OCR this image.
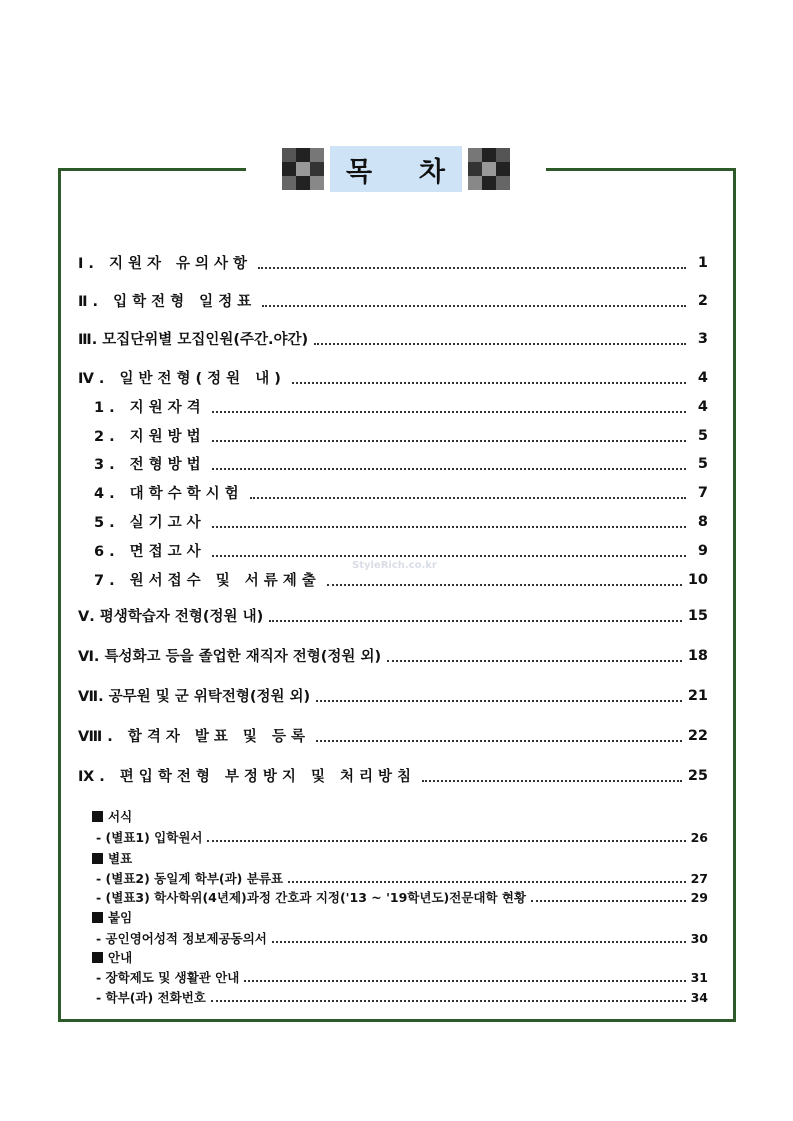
목 차
Ⅰ. 지원자 유의사항	1
Ⅱ. 입학전형 일정표	2
Ⅲ. 모집단위별 모집인원(주간.야간)	3
Ⅳ. 일반전형(정원 내)	4
1. 지원자격	4
2. 지원방법	5
3. 전형방법	5
4. 대학수학시험	7
5. 실기고사	8
6. 면접고사	9
7. 원서접수 및 서류제출	10
Ⅴ. 평생학습자 전형(정원 내)	15
Ⅵ. 특성화고 등을 졸업한 재직자 전형(정원 외)	18
Ⅶ. 공무원 및 군 위탁전형(정원 외)	21
Ⅷ. 합격자 발표 및 등록	22
Ⅸ. 편입학전형 부정방지 및 처리방침	25
StyleRich.co.kr
서식
- (별표1) 입학원서	26
별표
- (별표2) 동일계 학부(과) 분류표	27
- (별표3) 학사학위(4년제)과정 간호과 지정('13 ~ '19학년도)전문대학 현황	29
붙임
- 공인영어성적 정보제공동의서	30
안내
- 장학제도 및 생활관 안내	31
- 학부(과) 전화번호	34
